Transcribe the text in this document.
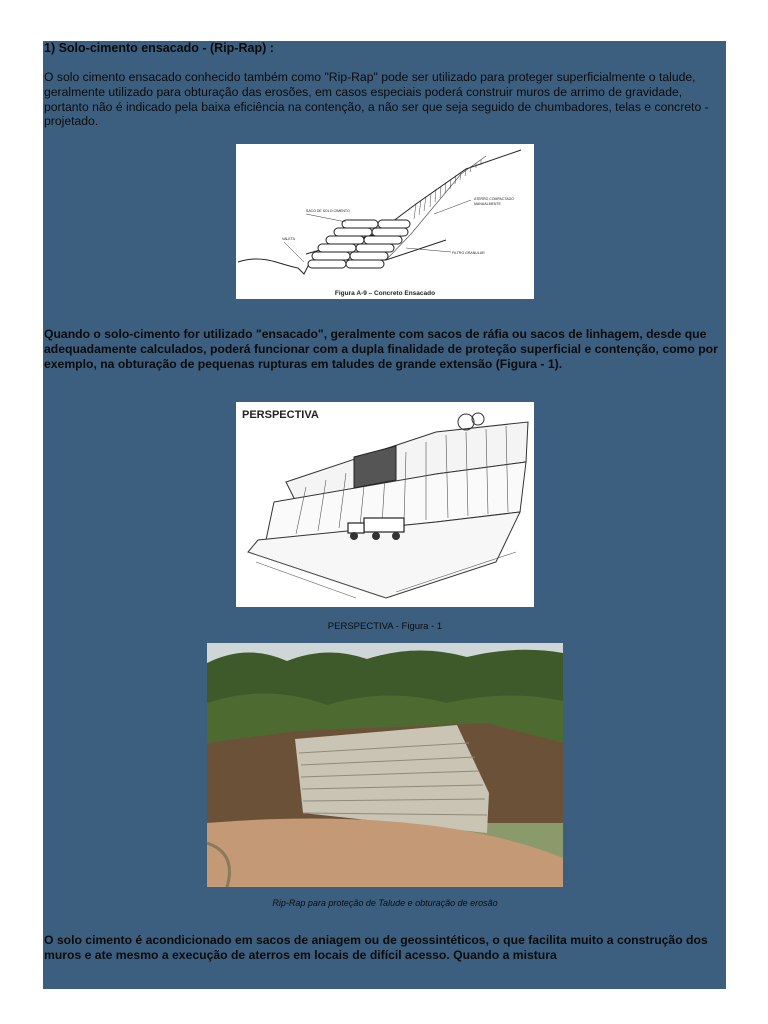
1) Solo-cimento ensacado - (Rip-Rap) :
O solo cimento ensacado conhecido também como "Rip-Rap" pode ser utilizado para proteger superficialmente o talude, geralmente utilizado para obturação das erosões, em casos especiais poderá construir muros de arrimo de gravidade, portanto não é indicado pela baixa eficiência na contenção, a não ser que seja seguido de chumbadores, telas e concreto - projetado.
ATERRO COMPACTADO
MANUALMENTE
SACO DE SOLO-CIMENTO
VALETA
FILTRO GRANULAR
Figura A-9 – Concreto Ensacado
Quando o solo-cimento for utilizado "ensacado", geralmente com sacos de ráfia ou sacos de linhagem, desde que adequadamente calculados, poderá funcionar com a dupla finalidade de proteção superficial e contenção, como por exemplo, na obturação de pequenas rupturas em taludes de grande extensão (Figura - 1).
PERSPECTIVA
PERSPECTIVA - Figura - 1
Rip-Rap para proteção de Talude e obturação de erosão
O solo cimento é acondicionado em sacos de aniagem ou de geossintéticos, o que facilita muito a construção dos muros e ate mesmo a execução de aterros em locais de difícil acesso. Quando a mistura
